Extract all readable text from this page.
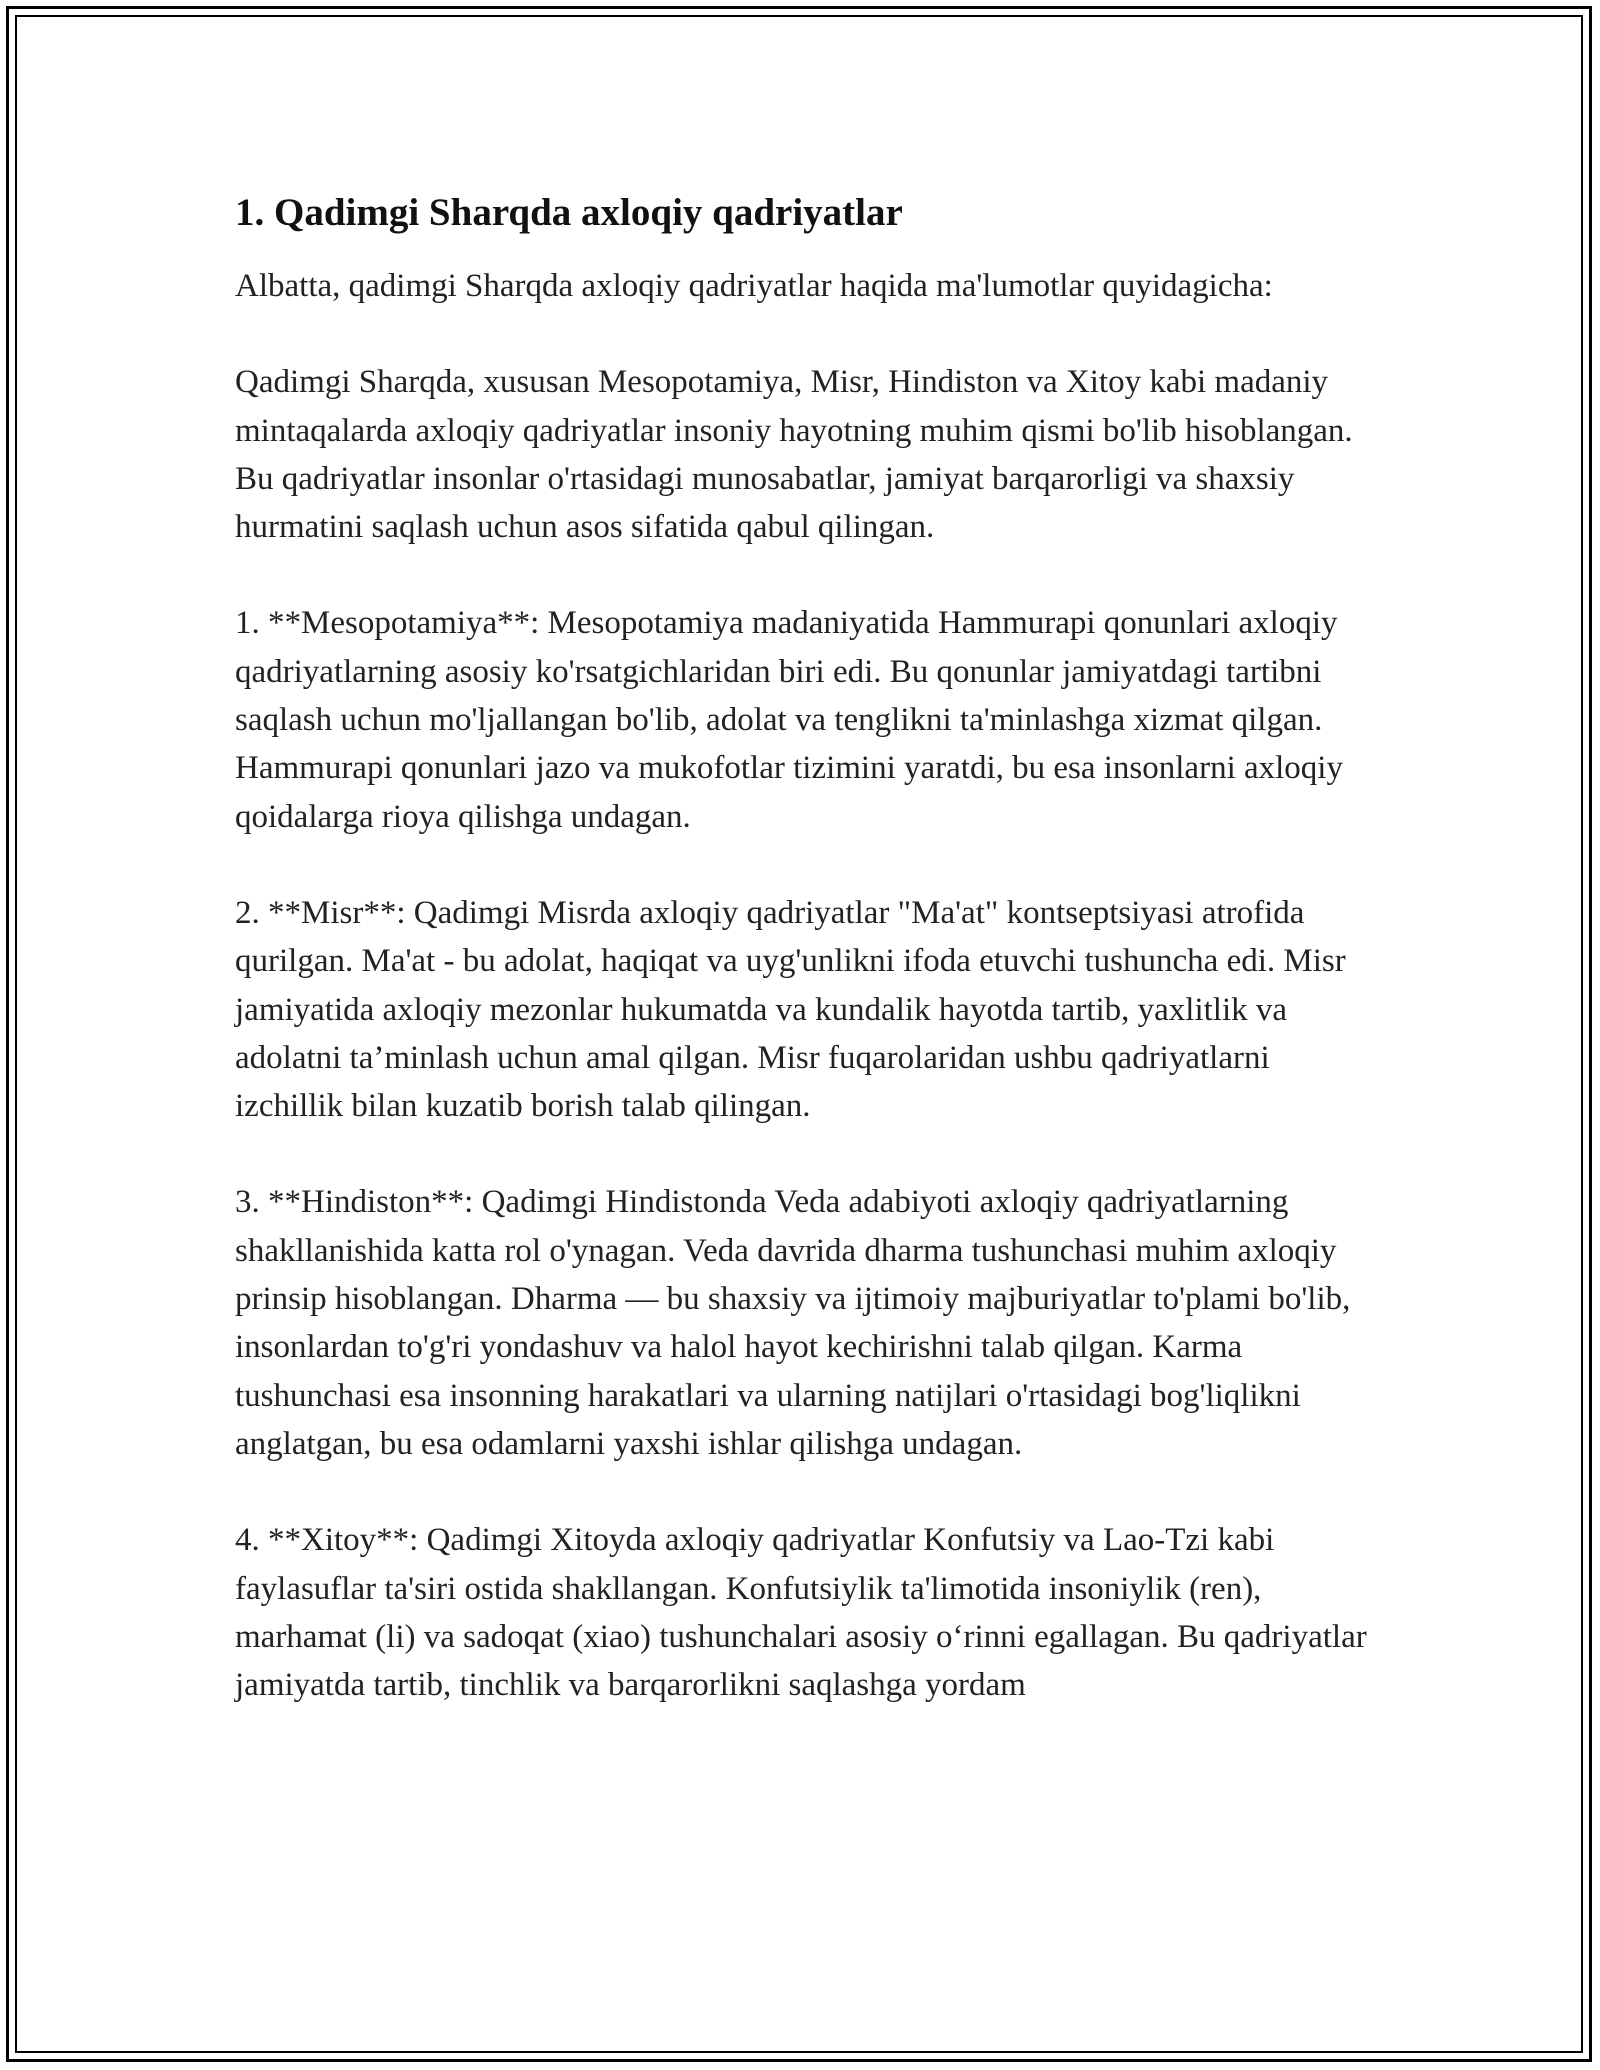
1. Qadimgi Sharqda axloqiy qadriyatlar

Albatta, qadimgi Sharqda axloqiy qadriyatlar haqida ma'lumotlar quyidagicha:

Qadimgi Sharqda, xususan Mesopotamiya, Misr, Hindiston va Xitoy kabi madaniy mintaqalarda axloqiy qadriyatlar insoniy hayotning muhim qismi bo'lib hisoblangan. Bu qadriyatlar insonlar o'rtasidagi munosabatlar, jamiyat barqarorligi va shaxsiy hurmatini saqlash uchun asos sifatida qabul qilingan.

1. **Mesopotamiya**: Mesopotamiya madaniyatida Hammurapi qonunlari axloqiy qadriyatlarning asosiy ko'rsatgichlaridan biri edi. Bu qonunlar jamiyatdagi tartibni saqlash uchun mo'ljallangan bo'lib, adolat va tenglikni ta'minlashga xizmat qilgan. Hammurapi qonunlari jazo va mukofotlar tizimini yaratdi, bu esa insonlarni axloqiy qoidalarga rioya qilishga undagan.

2. **Misr**: Qadimgi Misrda axloqiy qadriyatlar "Ma'at" kontseptsiyasi atrofida qurilgan. Ma'at - bu adolat, haqiqat va uyg'unlikni ifoda etuvchi tushuncha edi. Misr jamiyatida axloqiy mezonlar hukumatda va kundalik hayotda tartib, yaxlitlik va adolatni ta’minlash uchun amal qilgan. Misr fuqarolaridan ushbu qadriyatlarni izchillik bilan kuzatib borish talab qilingan.

3. **Hindiston**: Qadimgi Hindistonda Veda adabiyoti axloqiy qadriyatlarning shakllanishida katta rol o'ynagan. Veda davrida dharma tushunchasi muhim axloqiy prinsip hisoblangan. Dharma — bu shaxsiy va ijtimoiy majburiyatlar to'plami bo'lib, insonlardan to'g'ri yondashuv va halol hayot kechirishni talab qilgan. Karma tushunchasi esa insonning harakatlari va ularning natijlari o'rtasidagi bog'liqlikni anglatgan, bu esa odamlarni yaxshi ishlar qilishga undagan.

4. **Xitoy**: Qadimgi Xitoyda axloqiy qadriyatlar Konfutsiy va Lao-Tzi kabi faylasuflar ta'siri ostida shakllangan. Konfutsiylik ta'limotida insoniylik (ren), marhamat (li) va sadoqat (xiao) tushunchalari asosiy o‘rinni egallagan. Bu qadriyatlar jamiyatda tartib, tinchlik va barqarorlikni saqlashga yordam
